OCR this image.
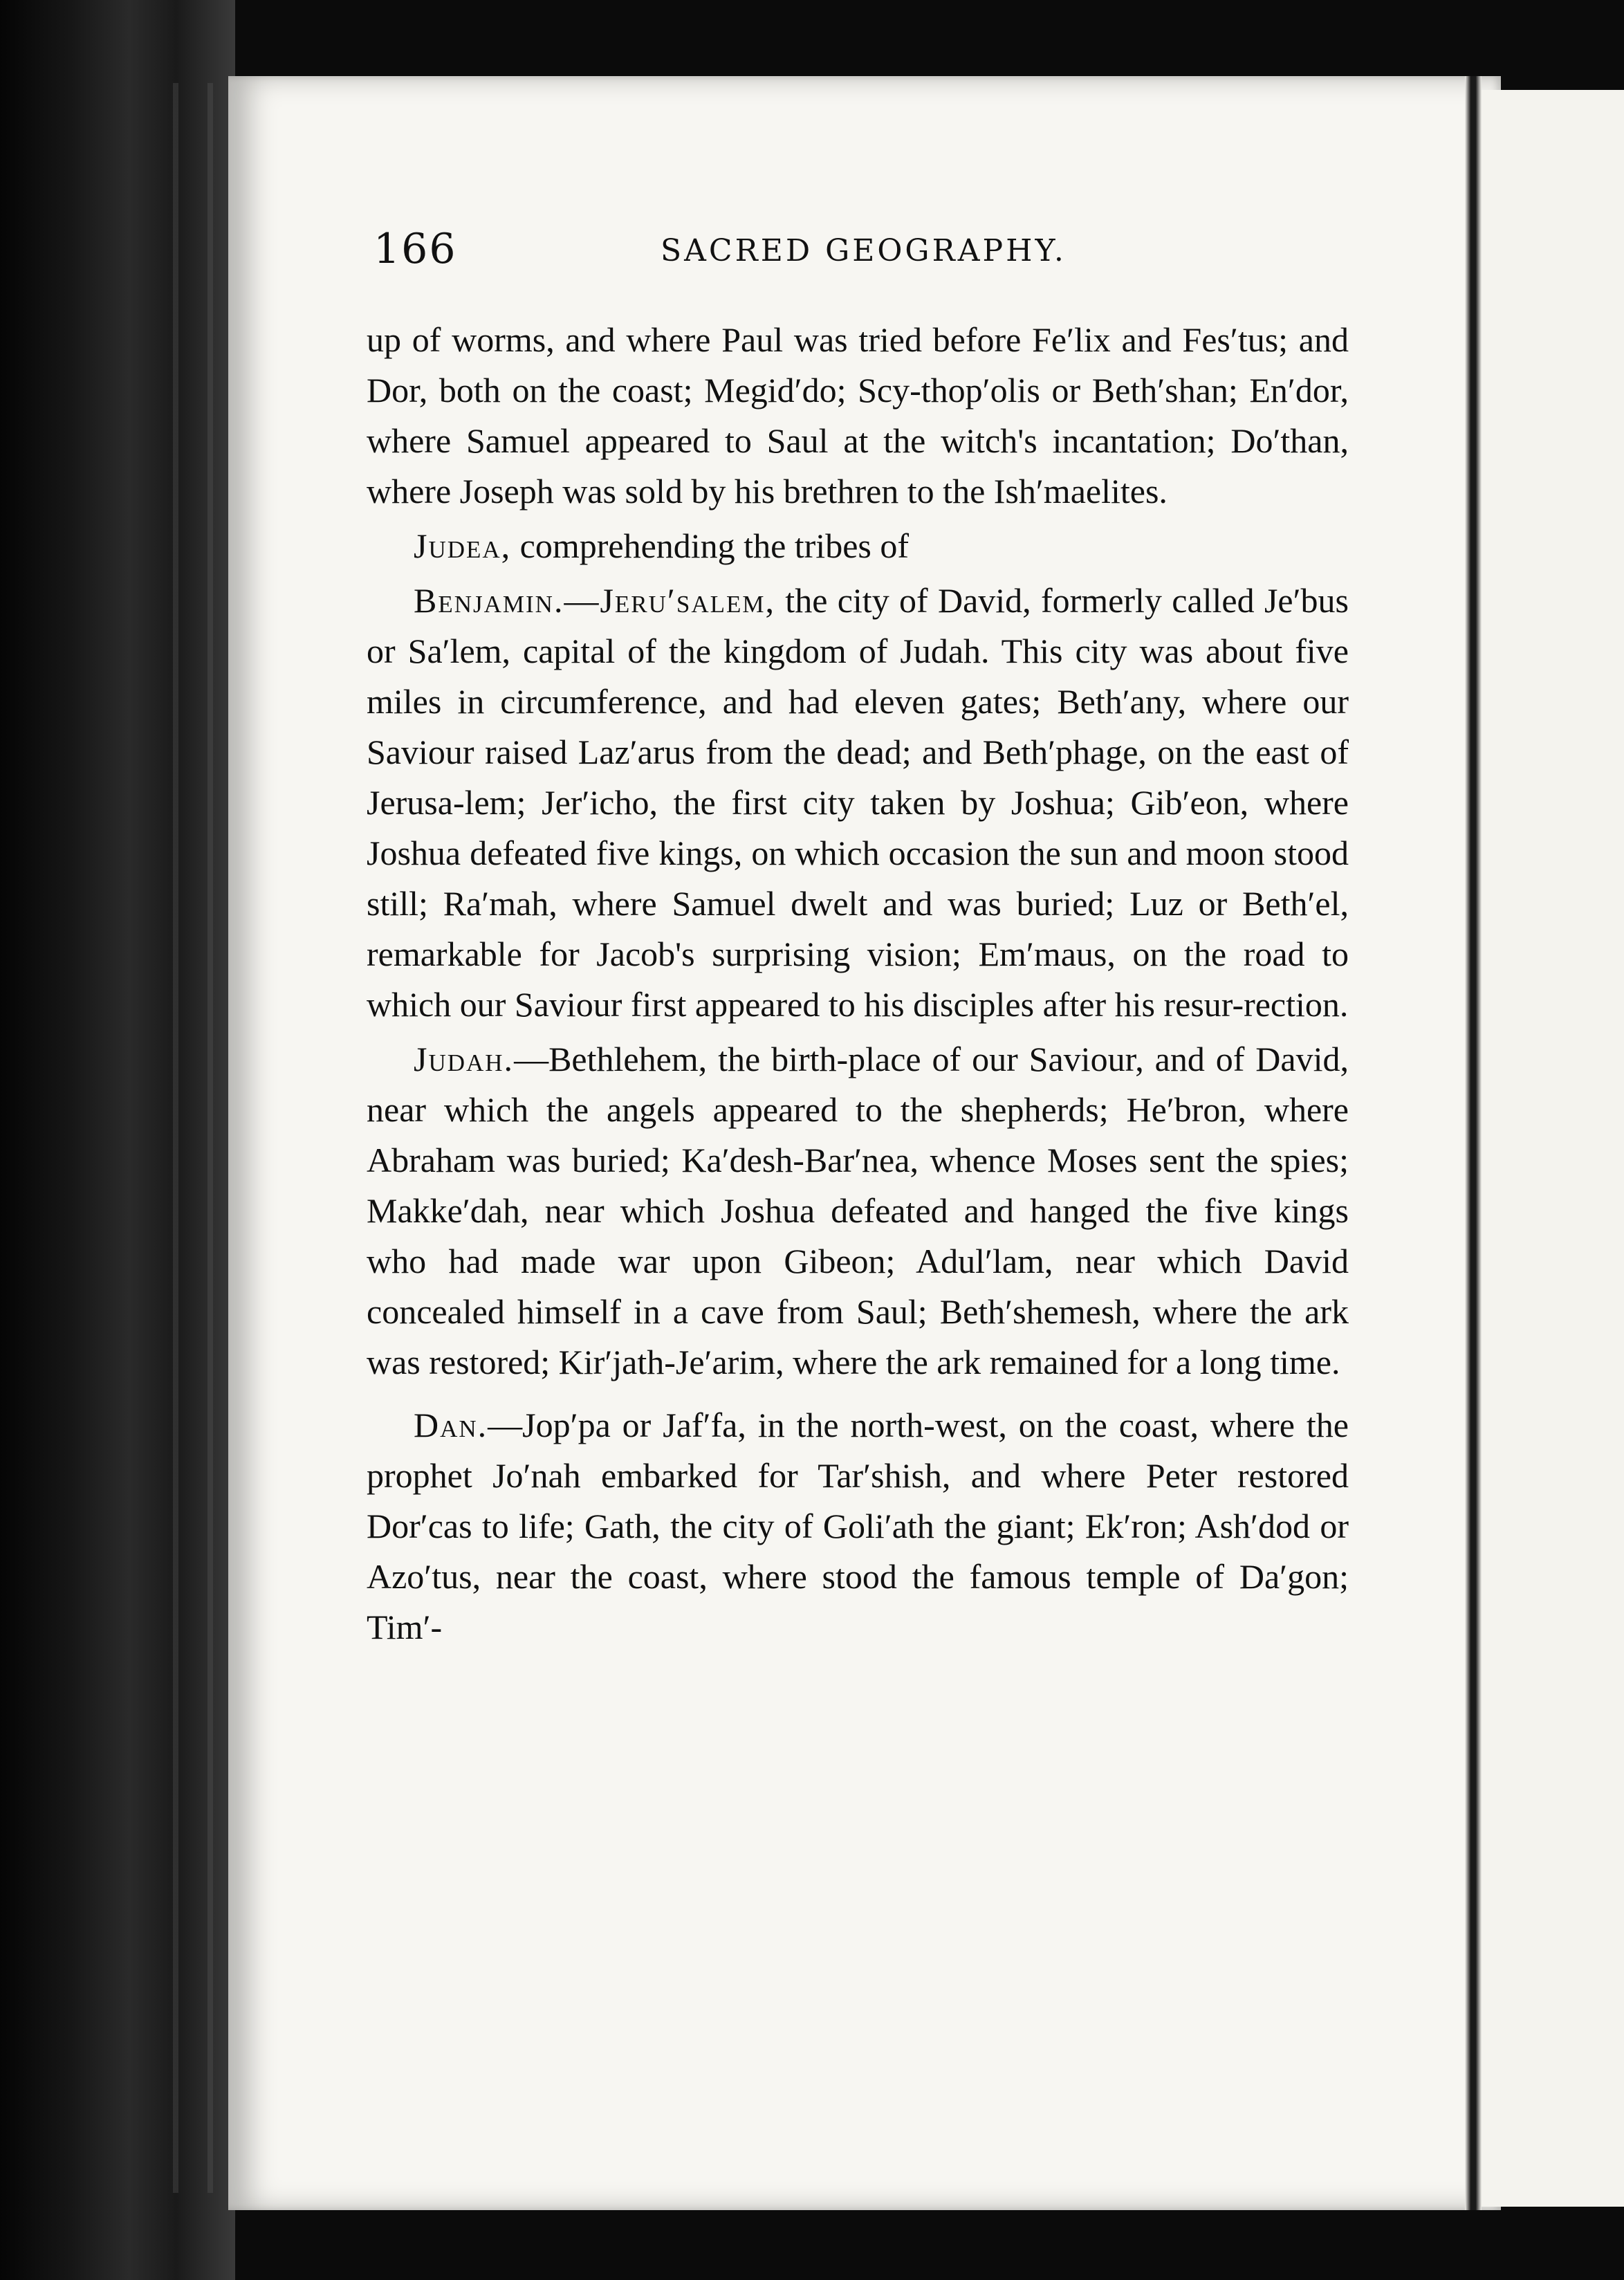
166	SACRED GEOGRAPHY.

up of worms, and where Paul was tried before Fe′lix and Fes′tus; and Dor, both on the coast; Megid′do; Scy-thop′olis or Beth′shan; En′dor, where Samuel appeared to Saul at the witch's incantation; Do′than, where Joseph was sold by his brethren to the Ish′maelites.

Judea, comprehending the tribes of

Benjamin.—Jeru′salem, the city of David, formerly called Je′bus or Sa′lem, capital of the kingdom of Judah. This city was about five miles in circumference, and had eleven gates; Beth′any, where our Saviour raised Laz′arus from the dead; and Beth′phage, on the east of Jerusa-lem; Jer′icho, the first city taken by Joshua; Gib′eon, where Joshua defeated five kings, on which occasion the sun and moon stood still; Ra′mah, where Samuel dwelt and was buried; Luz or Beth′el, remarkable for Jacob's surprising vision; Em′maus, on the road to which our Saviour first appeared to his disciples after his resur-rection.

Judah.—Bethlehem, the birth-place of our Saviour, and of David, near which the angels appeared to the shepherds; He′bron, where Abraham was buried; Ka′desh-Bar′nea, whence Moses sent the spies; Makke′dah, near which Joshua defeated and hanged the five kings who had made war upon Gibeon; Adul′lam, near which David concealed himself in a cave from Saul; Beth′shemesh, where the ark was restored; Kir′jath-Je′arim, where the ark remained for a long time.

Dan.—Jop′pa or Jaf′fa, in the north-west, on the coast, where the prophet Jo′nah embarked for Tar′shish, and where Peter restored Dor′cas to life; Gath, the city of Goli′ath the giant; Ek′ron; Ash′dod or Azo′tus, near the coast, where stood the famous temple of Da′gon; Tim′-
